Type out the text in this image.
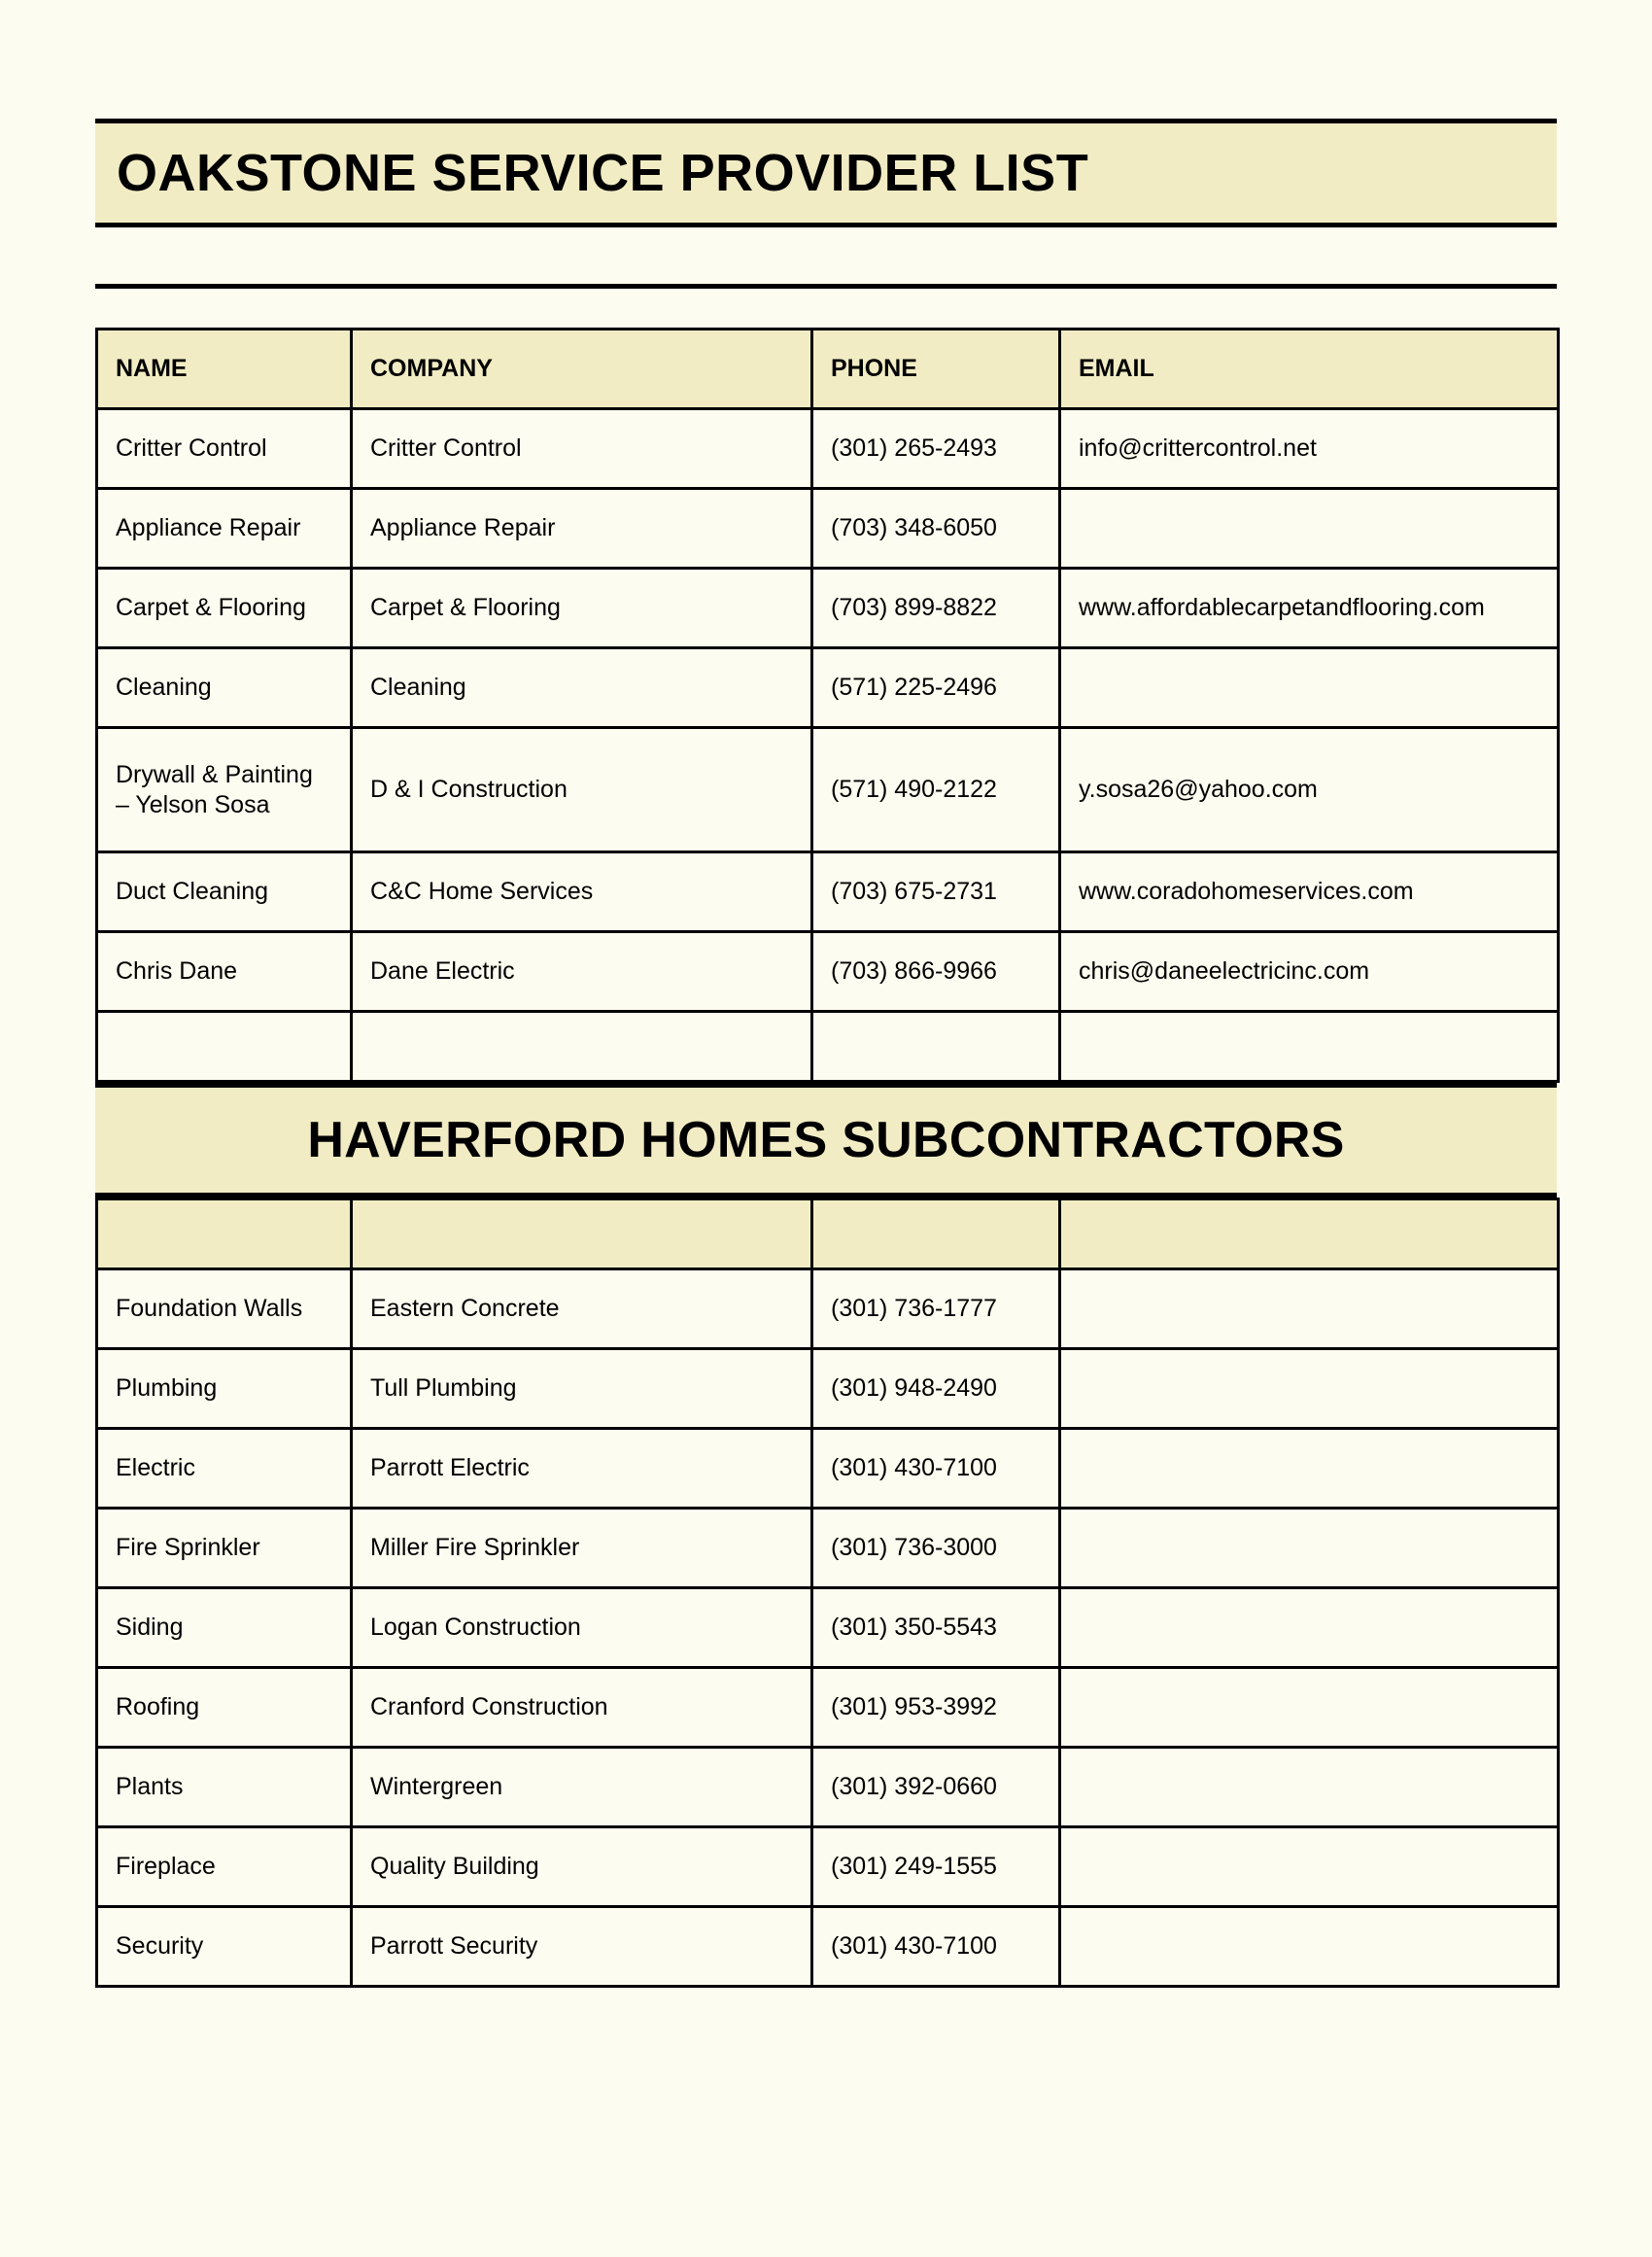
OAKSTONE SERVICE PROVIDER LIST
NAME	COMPANY	PHONE	EMAIL
Critter Control	Critter Control	(301) 265-2493	info@crittercontrol.net
Appliance Repair	Appliance Repair	(703) 348-6050	
Carpet & Flooring	Carpet & Flooring	(703) 899-8822	www.affordablecarpetandflooring.com
Cleaning	Cleaning	(571) 225-2496	
Drywall & Painting – Yelson Sosa	D & I Construction	(571) 490-2122	y.sosa26@yahoo.com
Duct Cleaning	C&C Home Services	(703) 675-2731	www.coradohomeservices.com
Chris Dane	Dane Electric	(703) 866-9966	chris@daneelectricinc.com

HAVERFORD HOMES SUBCONTRACTORS

Foundation Walls	Eastern Concrete	(301) 736-1777	
Plumbing	Tull Plumbing	(301) 948-2490	
Electric	Parrott Electric	(301) 430-7100	
Fire Sprinkler	Miller Fire Sprinkler	(301) 736-3000	
Siding	Logan Construction	(301) 350-5543	
Roofing	Cranford Construction	(301) 953-3992	
Plants	Wintergreen	(301) 392-0660	
Fireplace	Quality Building	(301) 249-1555	
Security	Parrott Security	(301) 430-7100	
